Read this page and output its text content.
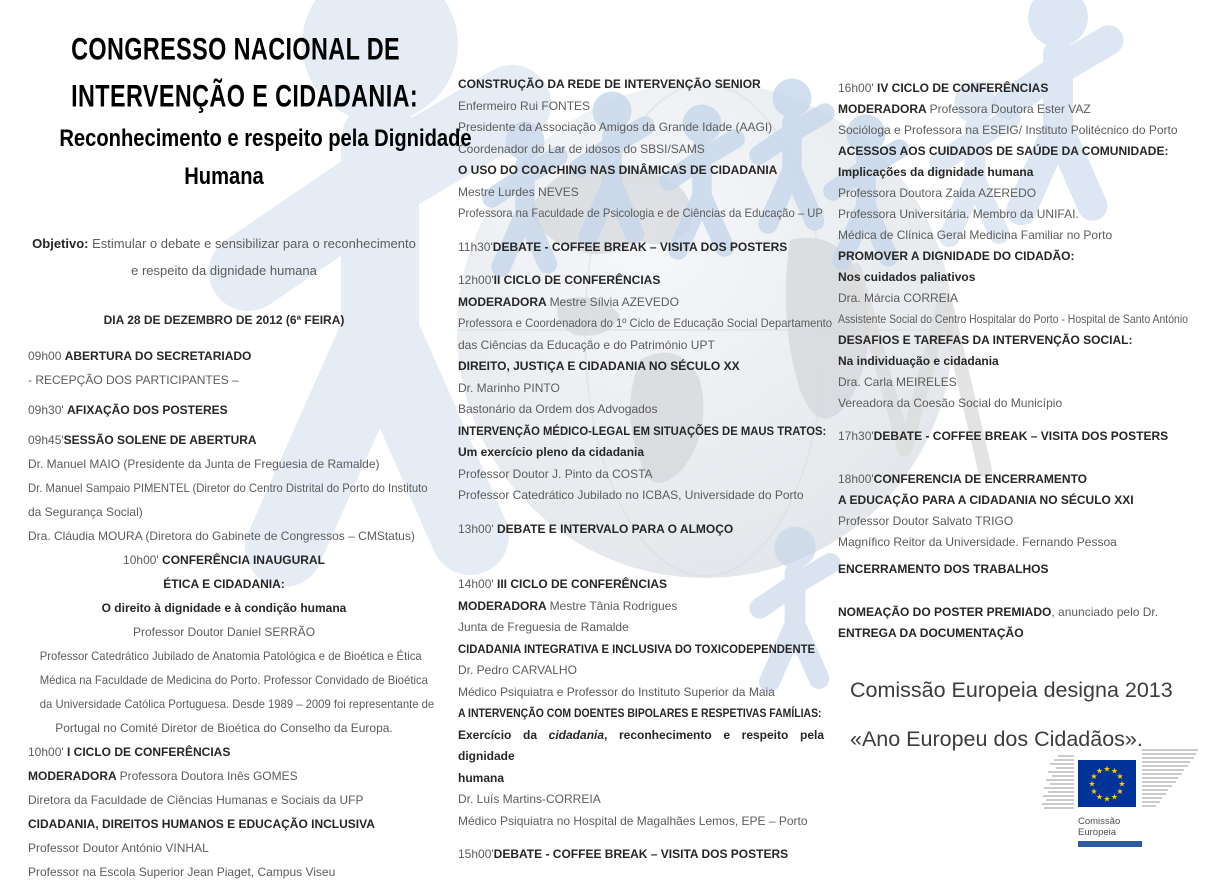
CONGRESSO NACIONAL DE
INTERVENÇÃO E CIDADANIA:
Reconhecimento e respeito pela Dignidade
Humana
Objetivo: Estimular o debate e sensibilizar para o reconhecimento
e respeito da dignidade humana
DIA 28 DE DEZEMBRO DE 2012 (6ª FEIRA)
09h00 ABERTURA DO SECRETARIADO
- RECEPÇÃO DOS PARTICIPANTES –
09h30' AFIXAÇÃO DOS POSTERES
09h45'SESSÃO SOLENE DE ABERTURA
Dr. Manuel MAIO (Presidente da Junta de Freguesia de Ramalde)
Dr. Manuel Sampaio PIMENTEL (Diretor do Centro Distrital do Porto do Instituto
da Segurança Social)
Dra. Cláudia MOURA (Diretora do Gabinete de Congressos – CMStatus)
10h00' CONFERÊNCIA INAUGURAL
ÉTICA E CIDADANIA:
O direito à dignidade e à condição humana
Professor Doutor Daniel SERRÃO
Professor Catedrático Jubilado de Anatomia Patológica e de Bioética e Ética
Médica na Faculdade de Medicina do Porto. Professor Convidado de Bioética
da Universidade Católica Portuguesa. Desde 1989 – 2009 foi representante de
Portugal no Comité Diretor de Bioética do Conselho da Europa.
10h00' I CICLO DE CONFERÊNCIAS
MODERADORA Professora Doutora Inês GOMES
Diretora da Faculdade de Ciências Humanas e Sociais da UFP
CIDADANIA, DIREITOS HUMANOS E EDUCAÇÃO INCLUSIVA
Professor Doutor António VINHAL
Professor na Escola Superior Jean Piaget, Campus Viseu
CONSTRUÇÃO DA REDE DE INTERVENÇÃO SENIOR
Enfermeiro Rui FONTES
Presidente da Associação Amigos da Grande Idade (AAGI)
Coordenador do Lar de idosos do SBSI/SAMS
O USO DO COACHING NAS DINÂMICAS DE CIDADANIA
Mestre Lurdes NEVES
Professora na Faculdade de Psicologia e de Ciências da Educação – UP
11h30'DEBATE - COFFEE BREAK – VISITA DOS POSTERS
12h00'II CICLO DE CONFERÊNCIAS
MODERADORA Mestre Sílvia AZEVEDO
Professora e Coordenadora do 1º Ciclo de Educação Social Departamento
das Ciências da Educação e do Património UPT
DIREITO, JUSTIÇA E CIDADANIA NO SÉCULO XX
Dr. Marinho PINTO
Bastonário da Ordem dos Advogados
INTERVENÇÃO MÉDICO-LEGAL EM SITUAÇÕES DE MAUS TRATOS:
Um exercício pleno da cidadania
Professor Doutor J. Pinto da COSTA
Professor Catedrático Jubilado no ICBAS, Universidade do Porto
13h00' DEBATE E INTERVALO PARA O ALMOÇO
14h00' III CICLO DE CONFERÊNCIAS
MODERADORA Mestre Tânia Rodrigues
Junta de Freguesia de Ramalde
CIDADANIA INTEGRATIVA E INCLUSIVA DO TOXICODEPENDENTE
Dr. Pedro CARVALHO
Médico Psiquiatra e Professor do Instituto Superior da Maia
A INTERVENÇÃO COM DOENTES BIPOLARES E RESPETIVAS FAMÍLIAS:
Exercício da cidadania, reconhecimento e respeito pela dignidade
humana
Dr. Luís Martins-CORREIA
Médico Psiquiatra no Hospital de Magalhães Lemos, EPE – Porto
15h00'DEBATE - COFFEE BREAK – VISITA DOS POSTERS
16h00' IV CICLO DE CONFERÊNCIAS
MODERADORA Professora Doutora Ester VAZ
Socióloga e Professora na ESEIG/ Instituto Politécnico do Porto
ACESSOS AOS CUIDADOS DE SAÚDE DA COMUNIDADE:
Implicações da dignidade humana
Professora Doutora Zaida AZEREDO
Professora Universitária. Membro da UNIFAI.
Médica de Clínica Geral Medicina Familiar no Porto
PROMOVER A DIGNIDADE DO CIDADÃO:
Nos cuidados paliativos
Dra. Márcia CORREIA
Assistente Social do Centro Hospitalar do Porto - Hospital de Santo António
DESAFIOS E TAREFAS DA INTERVENÇÃO SOCIAL:
Na individuação e cidadania
Dra. Carla MEIRELES
Vereadora da Coesão Social do Município
17h30'DEBATE - COFFEE BREAK – VISITA DOS POSTERS
18h00'CONFERENCIA DE ENCERRAMENTO
A EDUCAÇÃO PARA A CIDADANIA NO SÉCULO XXI
Professor Doutor Salvato TRIGO
Magnífico Reitor da Universidade. Fernando Pessoa
ENCERRAMENTO DOS TRABALHOS
NOMEAÇÃO DO POSTER PREMIADO, anunciado pelo Dr.
ENTREGA DA DOCUMENTAÇÃO
Comissão Europeia designa 2013
«Ano Europeu dos Cidadãos».
★ ★
★
★
★
★
★
★
★
★
★
★
Comissão
Europeia
